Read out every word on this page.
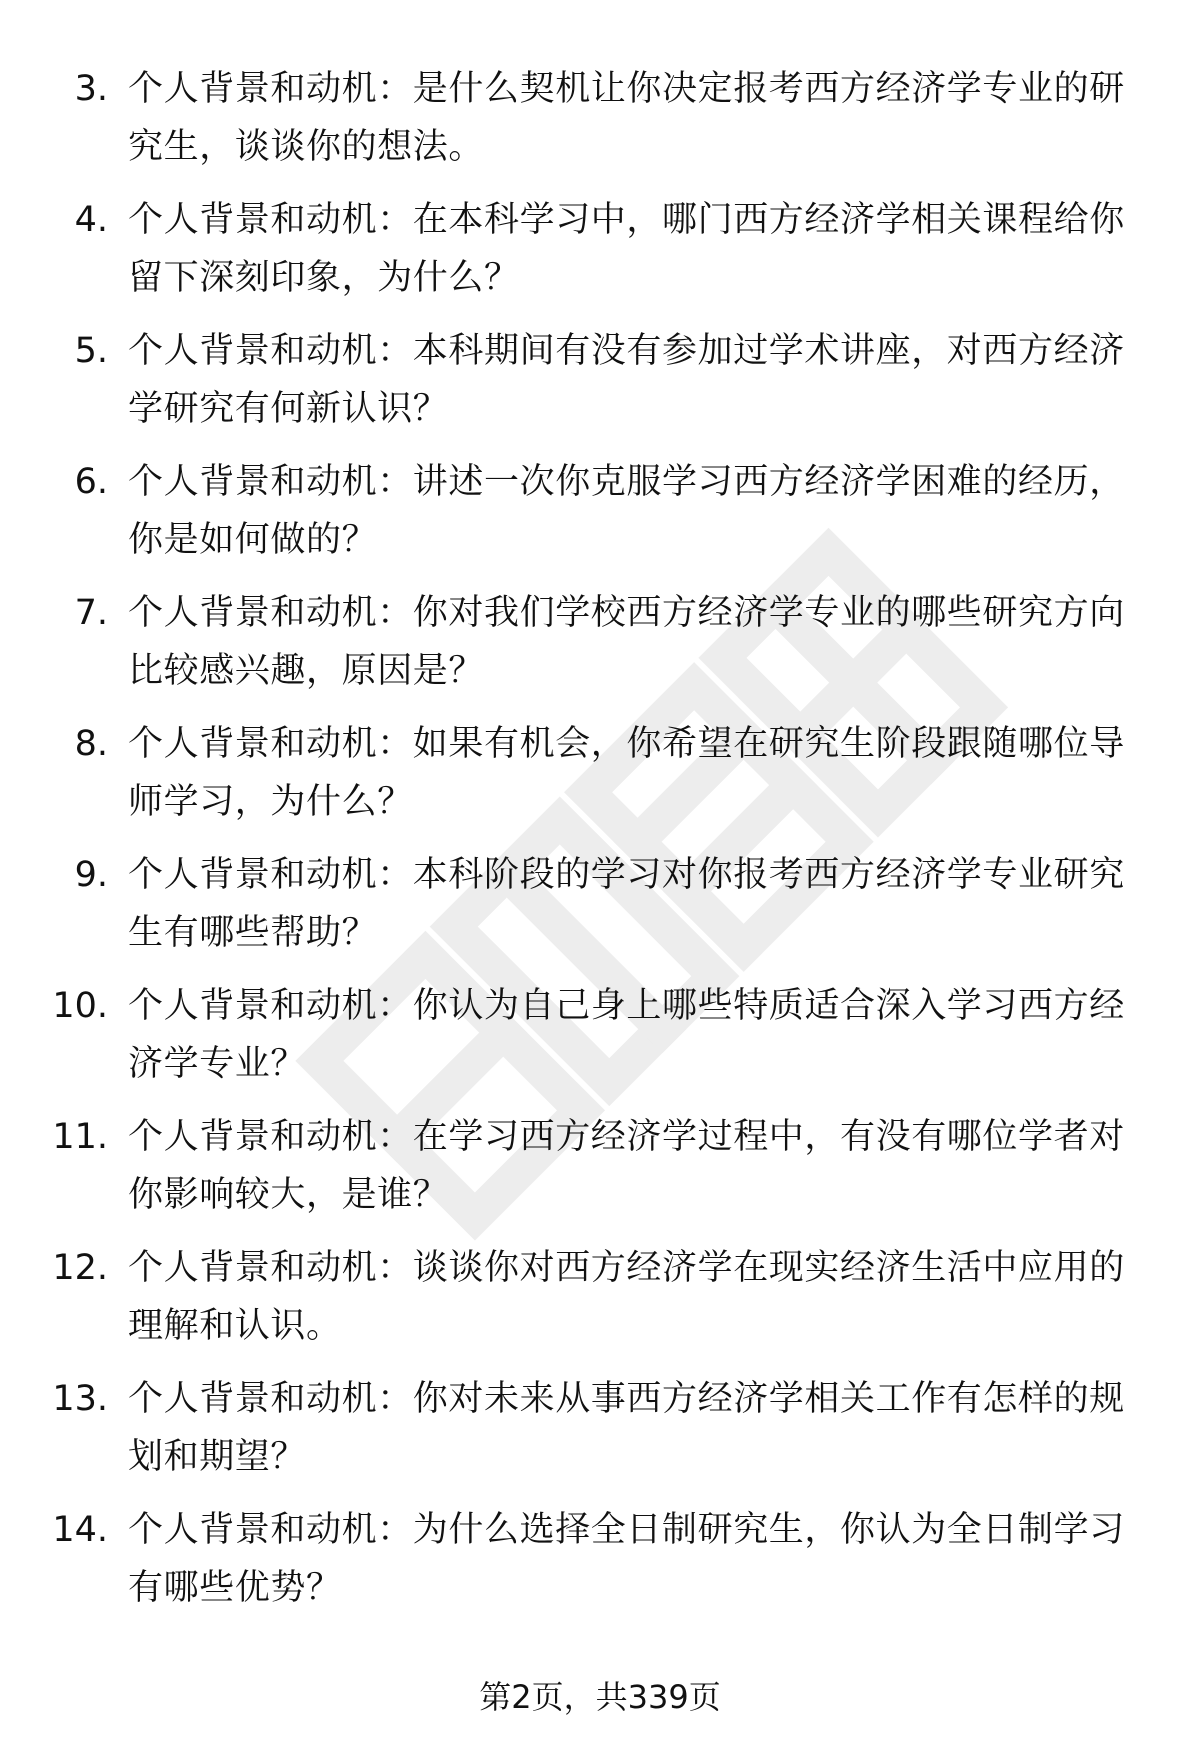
3. 个人背景和动机：是什么契机让你决定报考西方经济学专业的研究生，谈谈你的想法。
4. 个人背景和动机：在本科学习中，哪门西方经济学相关课程给你留下深刻印象，为什么？
5. 个人背景和动机：本科期间有没有参加过学术讲座，对西方经济学研究有何新认识？
6. 个人背景和动机：讲述一次你克服学习西方经济学困难的经历，你是如何做的？
7. 个人背景和动机：你对我们学校西方经济学专业的哪些研究方向比较感兴趣，原因是？
8. 个人背景和动机：如果有机会，你希望在研究生阶段跟随哪位导师学习，为什么？
9. 个人背景和动机：本科阶段的学习对你报考西方经济学专业研究生有哪些帮助？
10. 个人背景和动机：你认为自己身上哪些特质适合深入学习西方经济学专业？
11. 个人背景和动机：在学习西方经济学过程中，有没有哪位学者对你影响较大，是谁？
12. 个人背景和动机：谈谈你对西方经济学在现实经济生活中应用的理解和认识。
13. 个人背景和动机：你对未来从事西方经济学相关工作有怎样的规划和期望？
14. 个人背景和动机：为什么选择全日制研究生，你认为全日制学习有哪些优势？
第2页，共339页
